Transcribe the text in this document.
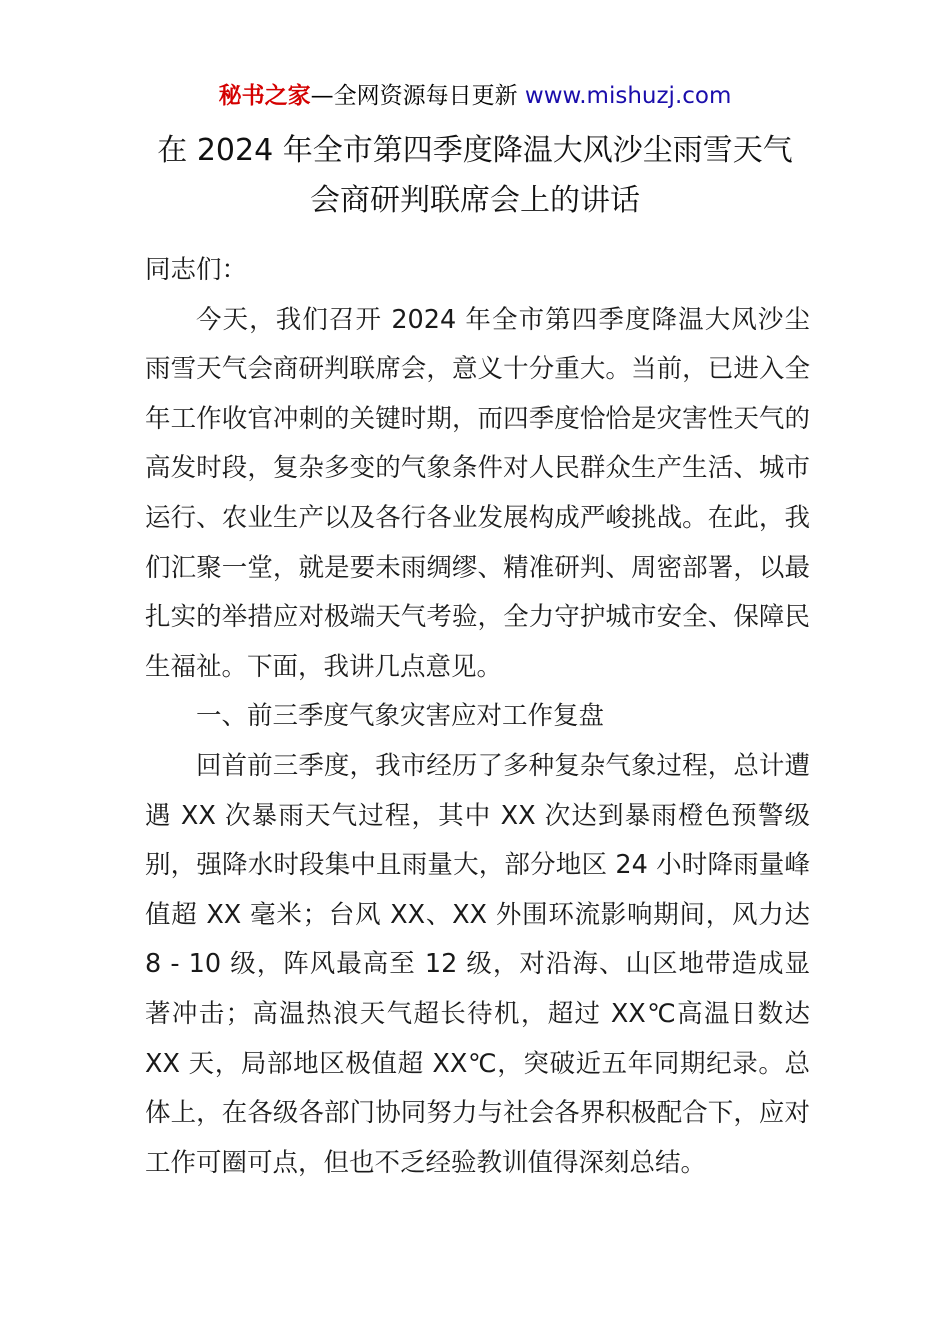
秘书之家—全网资源每日更新 www.mishuzj.com
在 2024 年全市第四季度降温大风沙尘雨雪天气
会商研判联席会上的讲话

同志们：

今天，我们召开 2024 年全市第四季度降温大风沙尘雨雪天气会商研判联席会，意义十分重大。当前，已进入全年工作收官冲刺的关键时期，而四季度恰恰是灾害性天气的高发时段，复杂多变的气象条件对人民群众生产生活、城市运行、农业生产以及各行各业发展构成严峻挑战。在此，我们汇聚一堂，就是要未雨绸缪、精准研判、周密部署，以最扎实的举措应对极端天气考验，全力守护城市安全、保障民生福祉。下面，我讲几点意见。

一、前三季度气象灾害应对工作复盘

回首前三季度，我市经历了多种复杂气象过程，总计遭遇 XX 次暴雨天气过程，其中 XX 次达到暴雨橙色预警级别，强降水时段集中且雨量大，部分地区 24 小时降雨量峰值超 XX 毫米；台风 XX、XX 外围环流影响期间，风力达 8 - 10 级，阵风最高至 12 级，对沿海、山区地带造成显著冲击；高温热浪天气超长待机，超过 XX℃高温日数达 XX 天，局部地区极值超 XX℃，突破近五年同期纪录。总体上，在各级各部门协同努力与社会各界积极配合下，应对工作可圈可点，但也不乏经验教训值得深刻总结。
